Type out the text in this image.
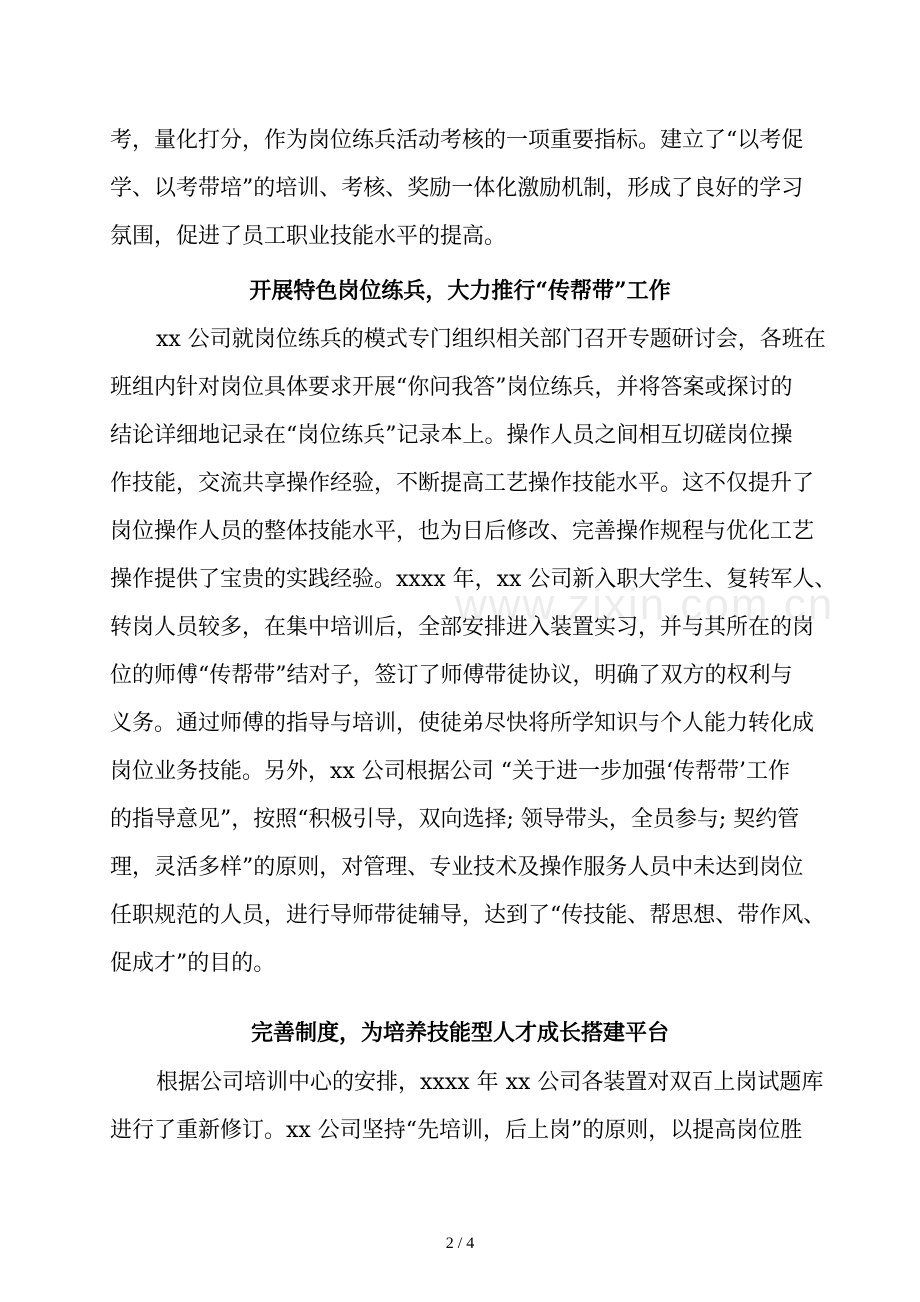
www.zixin.com.cn
考，量化打分，作为岗位练兵活动考核的一项重要指标。建立了“以考促
学、以考带培”的培训、考核、奖励一体化激励机制，形成了良好的学习
氛围，促进了员工职业技能水平的提高。
开展特色岗位练兵，大力推行“传帮带”工作
xx 公司就岗位练兵的模式专门组织相关部门召开专题研讨会，各班在
班组内针对岗位具体要求开展“你问我答”岗位练兵，并将答案或探讨的
结论详细地记录在“岗位练兵”记录本上。操作人员之间相互切磋岗位操
作技能，交流共享操作经验，不断提高工艺操作技能水平。这不仅提升了
岗位操作人员的整体技能水平，也为日后修改、完善操作规程与优化工艺
操作提供了宝贵的实践经验。xxxx 年，xx 公司新入职大学生、复转军人、
转岗人员较多，在集中培训后，全部安排进入装置实习，并与其所在的岗
位的师傅“传帮带”结对子，签订了师傅带徒协议，明确了双方的权利与
义务。通过师傅的指导与培训，使徒弟尽快将所学知识与个人能力转化成
岗位业务技能。另外，xx 公司根据公司 “关于进一步加强‘传帮带’工作
的指导意见”，按照“积极引导，双向选择; 领导带头，全员参与; 契约管
理，灵活多样”的原则，对管理、专业技术及操作服务人员中未达到岗位
任职规范的人员，进行导师带徒辅导，达到了“传技能、帮思想、带作风、
促成才”的目的。
完善制度，为培养技能型人才成长搭建平台
根据公司培训中心的安排，xxxx 年 xx 公司各装置对双百上岗试题库
进行了重新修订。xx 公司坚持“先培训，后上岗”的原则，以提高岗位胜
2 / 4
